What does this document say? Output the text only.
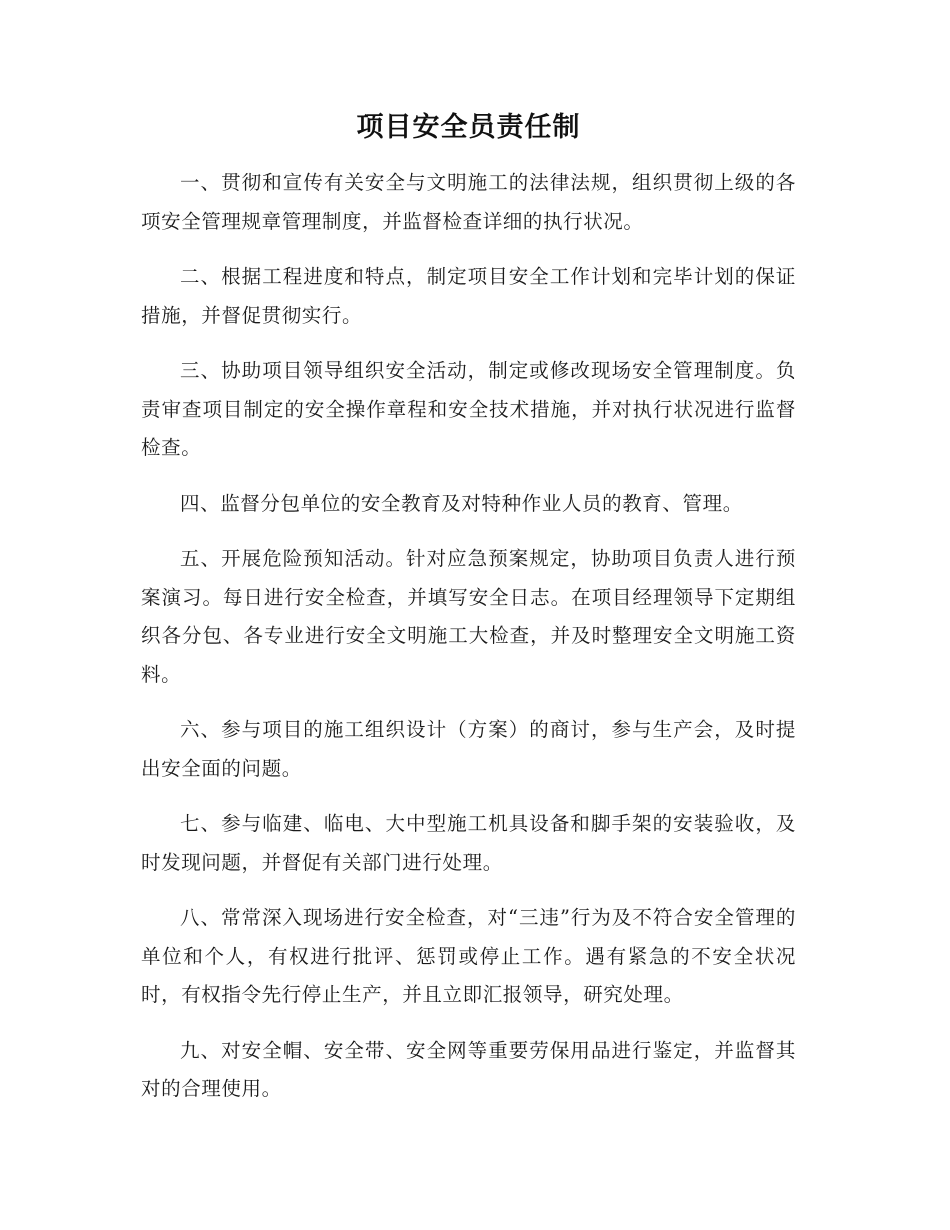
项目安全员责任制

一、贯彻和宣传有关安全与文明施工的法律法规，组织贯彻上级的各项安全管理规章管理制度，并监督检查详细的执行状况。

二、根据工程进度和特点，制定项目安全工作计划和完毕计划的保证措施，并督促贯彻实行。

三、协助项目领导组织安全活动，制定或修改现场安全管理制度。负责审查项目制定的安全操作章程和安全技术措施，并对执行状况进行监督检查。

四、监督分包单位的安全教育及对特种作业人员的教育、管理。

五、开展危险预知活动。针对应急预案规定，协助项目负责人进行预案演习。每日进行安全检查，并填写安全日志。在项目经理领导下定期组织各分包、各专业进行安全文明施工大检查，并及时整理安全文明施工资料。

六、参与项目的施工组织设计（方案）的商讨，参与生产会，及时提出安全面的问题。

七、参与临建、临电、大中型施工机具设备和脚手架的安装验收，及时发现问题，并督促有关部门进行处理。

八、常常深入现场进行安全检查，对“三违”行为及不符合安全管理的单位和个人，有权进行批评、惩罚或停止工作。遇有紧急的不安全状况时，有权指令先行停止生产，并且立即汇报领导，研究处理。

九、对安全帽、安全带、安全网等重要劳保用品进行鉴定，并监督其对的合理使用。
